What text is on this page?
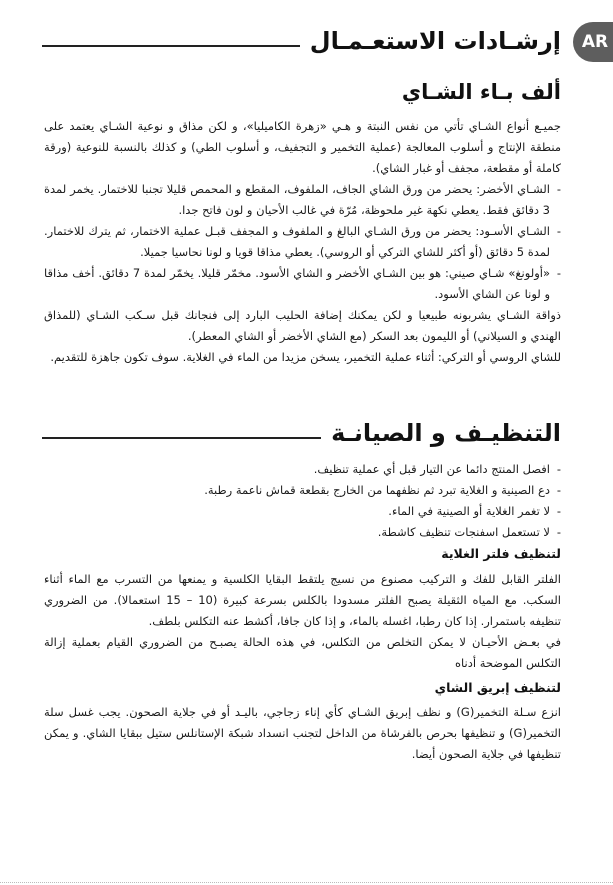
AR
إرشـادات الاستعـمـال
ألف بـاء الشـاي

جميـع أنواع الشـاي تأتي من نفس النبتة و هـي «زهرة الكاميليا»، و لكن مذاق و نوعية الشـاي يعتمد على منطقة الإنتاج و أسلوب المعالجة (عملية التخمير و التجفيف، و أسلوب الطي) و كذلك بالنسبة للنوعية (ورقة كاملة أو مقطعة، مجفف أو غبار الشاي).

-
الشـاي الأخضر: يحضر من ورق الشاي الجاف، الملفوف، المقطع و المحمص قليلا تجنبا للاختمار. يخمر لمدة 3 دقائق فقط. يعطي نكهة غير ملحوظة، مُرّة في غالب الأحيان و لون فاتح جدا.
-
الشـاي الأسـود: يحضر من ورق الشـاي البالغ و الملفوف و المجفف قبـل عملية الاختمار، ثم يترك للاختمار. لمدة 5 دقائق (أو أكثر للشاي التركي أو الروسي). يعطي مذاقا قويا و لونا نحاسيا جميلا.
-
«أولونغ» شـاي صيني: هو بين الشـاي الأخضر و الشاي الأسود. مخمّر قليلا. يخمّر لمدة 7 دقائق. أخف مذاقا و لونا عن الشاي الأسود.

ذواقة الشـاي يشربونه طبيعيا و لكن يمكنك إضافة الحليب البارد إلى فنجانك قبل سـكب الشـاي (للمذاق الهندي و السيلاني) أو الليمون بعد السكر (مع الشاي الأخضر أو الشاي المعطر).

للشاي الروسي أو التركي: أثناء عملية التخمير، يسخن مزيدا من الماء في الغلاية. سوف تكون جاهزة للتقديم.

التنظيـف و الصيانـة
-
افصل المنتج دائما عن التيار قبل أي عملية تنظيف.
-
دع الصينية و الغلاية تبرد ثم نظفهما من الخارج بقطعة قماش ناعمة رطبة.
-
لا تغمر الغلاية أو الصينية في الماء.
-
لا تستعمل اسفنجات تنظيف كاشطة.
لتنظيف فلتر الغلاية

الفلتر القابل للفك و التركيب مصنوع من نسيج يلتقط البقايا الكلسية و يمنعها من التسرب مع الماء أثناء السكب. مع المياه الثقيلة يصبح الفلتر مسدودا بالكلس بسرعة كبيرة (10 – 15 استعمالا). من الضروري تنظيفه باستمرار. إذا كان رطبا، اغسله بالماء، و إذا كان جافا، أكشط عنه التكلس بلطف.

في بعـض الأحيـان لا يمكن التخلص من التكلس، في هذه الحالة يصبـح من الضروري القيام بعملية إزالة التكلس الموضحة أدناه

لتنظيف إبريق الشاي

انزع سـلة التخمير(G) و نظف إبريق الشـاي كأي إناء زجاجي، باليـد أو في جلاية الصحون. يجب غسل سلة التخمير(G) و تنظيفها بحرص بالفرشاة من الداخل لتجنب انسداد شبكة الإستانلس ستيل ببقايا الشاي. و يمكن تنظيفها في جلاية الصحون أيضا.
